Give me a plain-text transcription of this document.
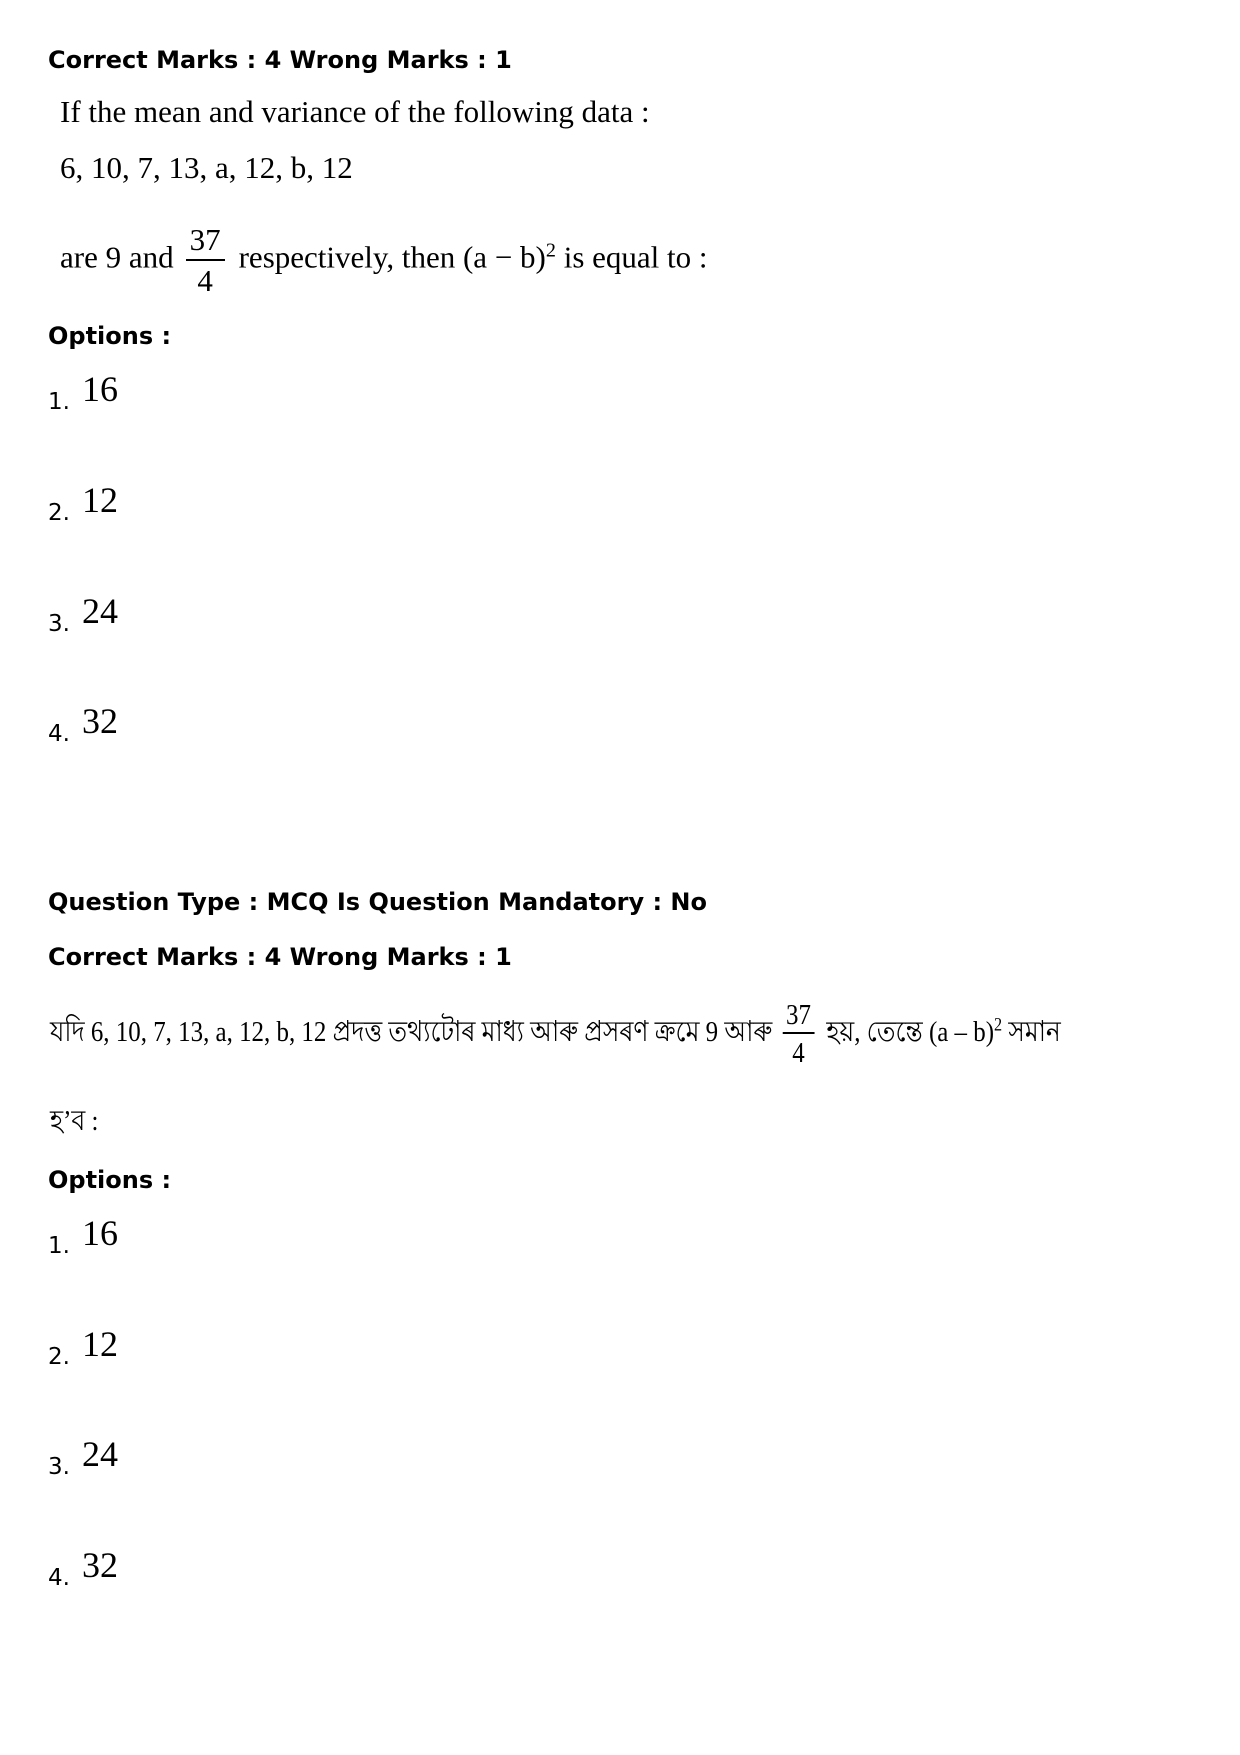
Correct Marks : 4 Wrong Marks : 1
If the mean and variance of the following data :
6, 10, 7, 13, a, 12, b, 12
are 9 and $\frac{37}{4}$ respectively, then $(a - b)^2$ is equal to :
Options :
1. 16
2. 12
3. 24
4. 32
Question Type : MCQ Is Question Mandatory : No
Correct Marks : 4 Wrong Marks : 1
যদি 6, 10, 7, 13, a, 12, b, 12 প্ৰদত্ত তথ্যটোৰ মাধ্য আৰু প্ৰসৰণ ক্ৰমে 9 আৰু $\frac{37}{4}$ হয়, তেন্তে (a – b)$^2$ সমান
হ’ব :
Options :
1. 16
2. 12
3. 24
4. 32
